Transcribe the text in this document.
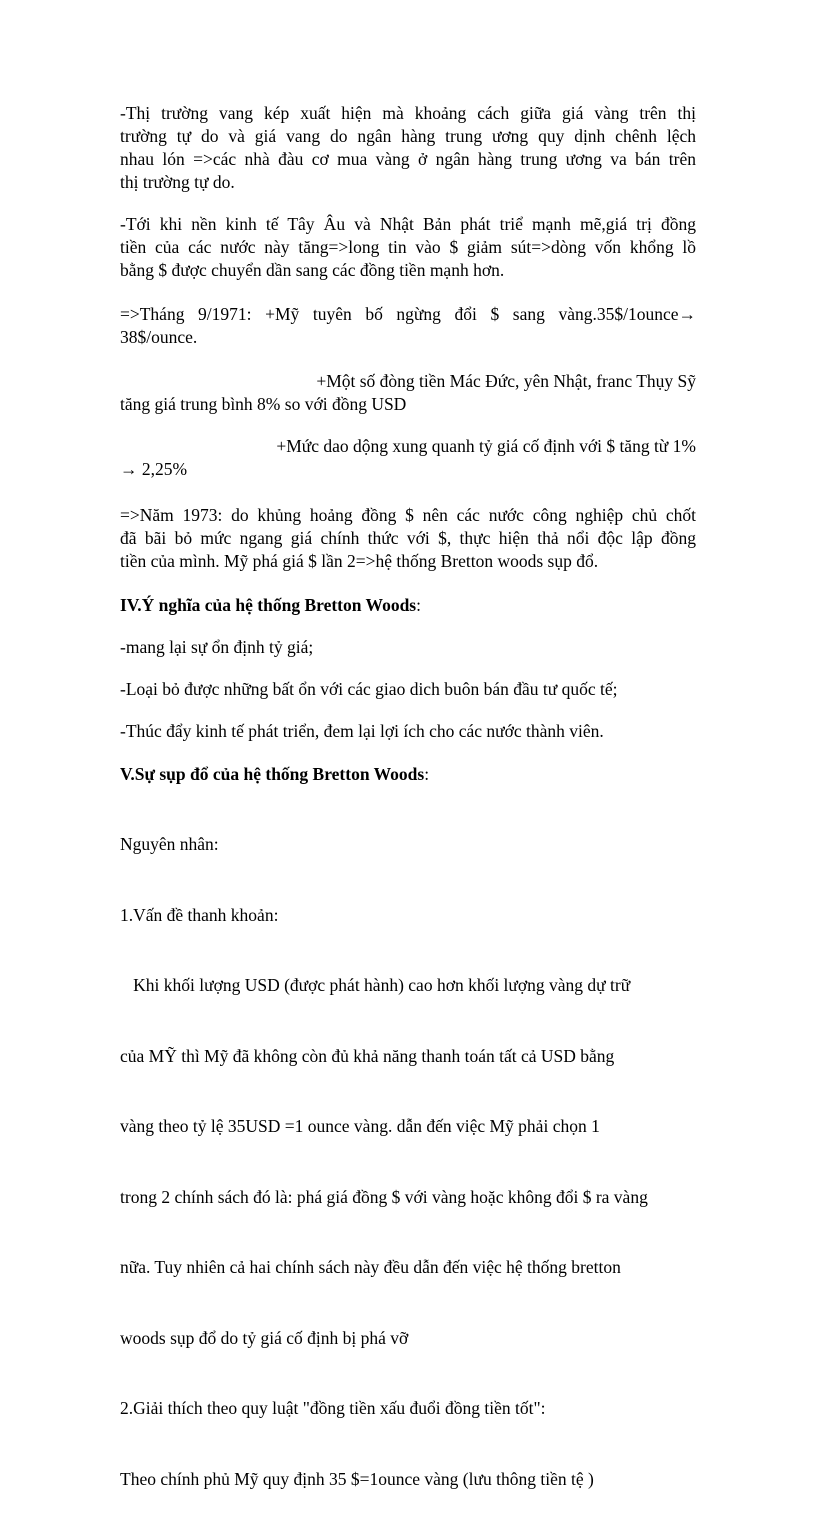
-Thị trường vang kép xuất hiện mà khoảng cách giữa giá vàng trên thị
trường tự do và giá vang do ngân hàng trung ương quy dịnh chênh lệch
nhau lón =>các nhà đàu cơ mua vàng ở ngân hàng trung ương va bán trên
thị trường tự do.
-Tới khi nền kinh tế Tây Âu và Nhật Bản phát triể mạnh mẽ,giá trị đồng
tiền của các nước này tăng=>long tin vào $ giảm sút=>dòng vốn khổng lồ
bằng $ được chuyển dần sang các đồng tiền mạnh hơn.
=>Tháng 9/1971: +Mỹ tuyên bố ngừng đổi $ sang vàng.35$/1ounce→
38$/ounce.
+Một số đòng tiền Mác Đức, yên Nhật, franc Thụy Sỹ
tăng giá trung bình 8% so với đồng USD
+Mức dao dộng xung quanh tỷ giá cố định với $ tăng từ 1%
→ 2,25%
=>Năm 1973: do khủng hoảng đồng $ nên các nước công nghiệp chủ chốt
đã bãi bỏ mức ngang giá chính thức với $, thực hiện thả nổi độc lập đồng
tiền của mình. Mỹ phá giá $ lần 2=>hệ thống Bretton woods sụp đổ.
IV.Ý nghĩa của hệ thống Bretton Woods:
-mang lại sự ổn định tỷ giá;
-Loại bỏ được những bất ổn với các giao dich buôn bán đầu tư quốc tế;
-Thúc đẩy kinh tế phát triển, đem lại lợi ích cho các nước thành viên.
V.Sự sụp đổ của hệ thống Bretton Woods:

Nguyên nhân:

1.Vấn đề thanh khoản:

Khi khối lượng USD (được phát hành) cao hơn khối lượng vàng dự trữ

của MỸ thì Mỹ đã không còn đủ khả năng thanh toán tất cả USD bằng

vàng theo tỷ lệ 35USD =1 ounce vàng. dẫn đến việc Mỹ phải chọn 1

trong 2 chính sách đó là: phá giá đồng $ với vàng hoặc không đổi $ ra vàng

nữa. Tuy nhiên cả hai chính sách này đều dẫn đến việc hệ thống bretton

woods sụp đổ do tỷ giá cố định bị phá vỡ

2.Giải thích theo quy luật "đồng tiền xấu đuổi đồng tiền tốt":

Theo chính phủ Mỹ quy định 35 $=1ounce vàng (lưu thông tiền tệ )
